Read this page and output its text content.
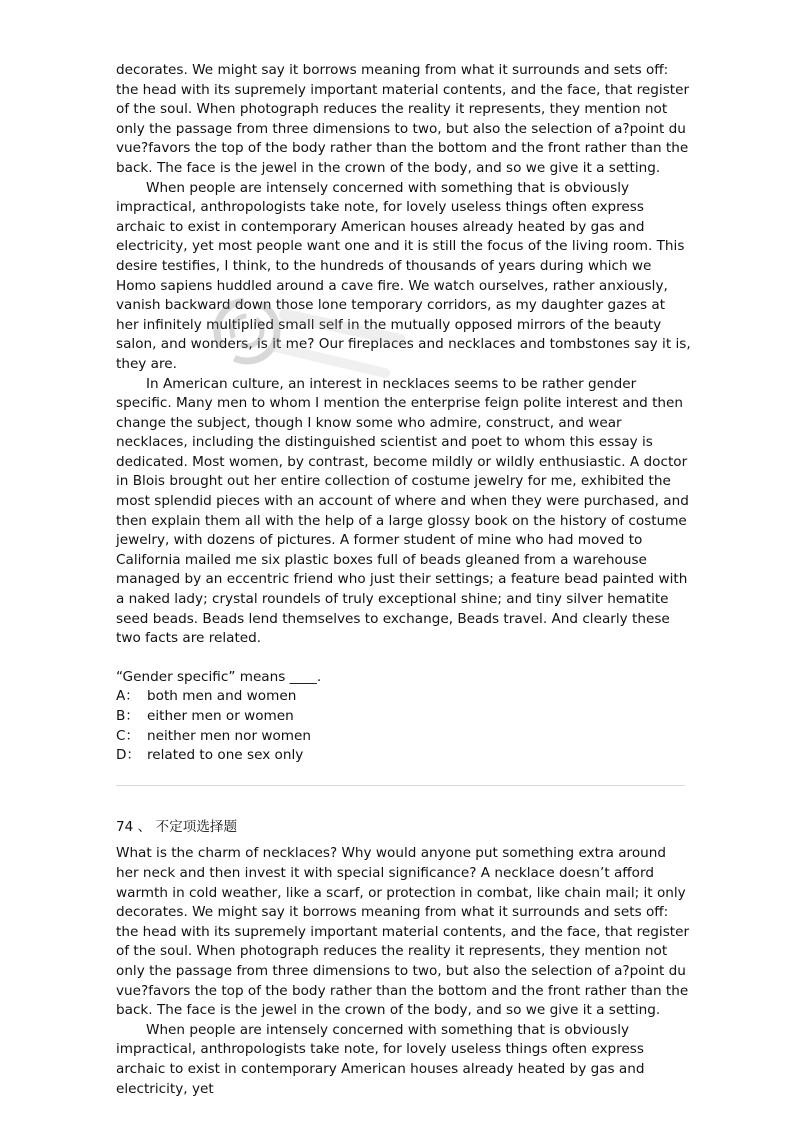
decorates. We might say it borrows meaning from what it surrounds and sets off: the head with its supremely important material contents, and the face, that register of the soul. When photograph reduces the reality it represents, they mention not only the passage from three dimensions to two, but also the selection of a?point du vue?favors the top of the body rather than the bottom and the front rather than the back. The face is the jewel in the crown of the body, and so we give it a setting.

When people are intensely concerned with something that is obviously impractical, anthropologists take note, for lovely useless things often express archaic to exist in contemporary American houses already heated by gas and electricity, yet most people want one and it is still the focus of the living room. This desire testifies, I think, to the hundreds of thousands of years during which we Homo sapiens huddled around a cave fire. We watch ourselves, rather anxiously, vanish backward down those lone temporary corridors, as my daughter gazes at her infinitely multiplied small self in the mutually opposed mirrors of the beauty salon, and wonders, is it me? Our fireplaces and necklaces and tombstones say it is, they are.

In American culture, an interest in necklaces seems to be rather gender specific. Many men to whom I mention the enterprise feign polite interest and then change the subject, though I know some who admire, construct, and wear necklaces, including the distinguished scientist and poet to whom this essay is dedicated. Most women, by contrast, become mildly or wildly enthusiastic. A doctor in Blois brought out her entire collection of costume jewelry for me, exhibited the most splendid pieces with an account of where and when they were purchased, and then explain them all with the help of a large glossy book on the history of costume jewelry, with dozens of pictures. A former student of mine who had moved to California mailed me six plastic boxes full of beads gleaned from a warehouse managed by an eccentric friend who just their settings; a feature bead painted with a naked lady; crystal roundels of truly exceptional shine; and tiny silver hematite seed beads. Beads lend themselves to exchange, Beads travel. And clearly these two facts are related.

“Gender specific” means ____.

A： both men and women
B： either men or women
C： neither men nor women
D： related to one sex only

74 、 不定项选择题

What is the charm of necklaces? Why would anyone put something extra around her neck and then invest it with special significance? A necklace doesn’t afford warmth in cold weather, like a scarf, or protection in combat, like chain mail; it only decorates. We might say it borrows meaning from what it surrounds and sets off: the head with its supremely important material contents, and the face, that register of the soul. When photograph reduces the reality it represents, they mention not only the passage from three dimensions to two, but also the selection of a?point du vue?favors the top of the body rather than the bottom and the front rather than the back. The face is the jewel in the crown of the body, and so we give it a setting.

When people are intensely concerned with something that is obviously impractical, anthropologists take note, for lovely useless things often express archaic to exist in contemporary American houses already heated by gas and electricity, yet
